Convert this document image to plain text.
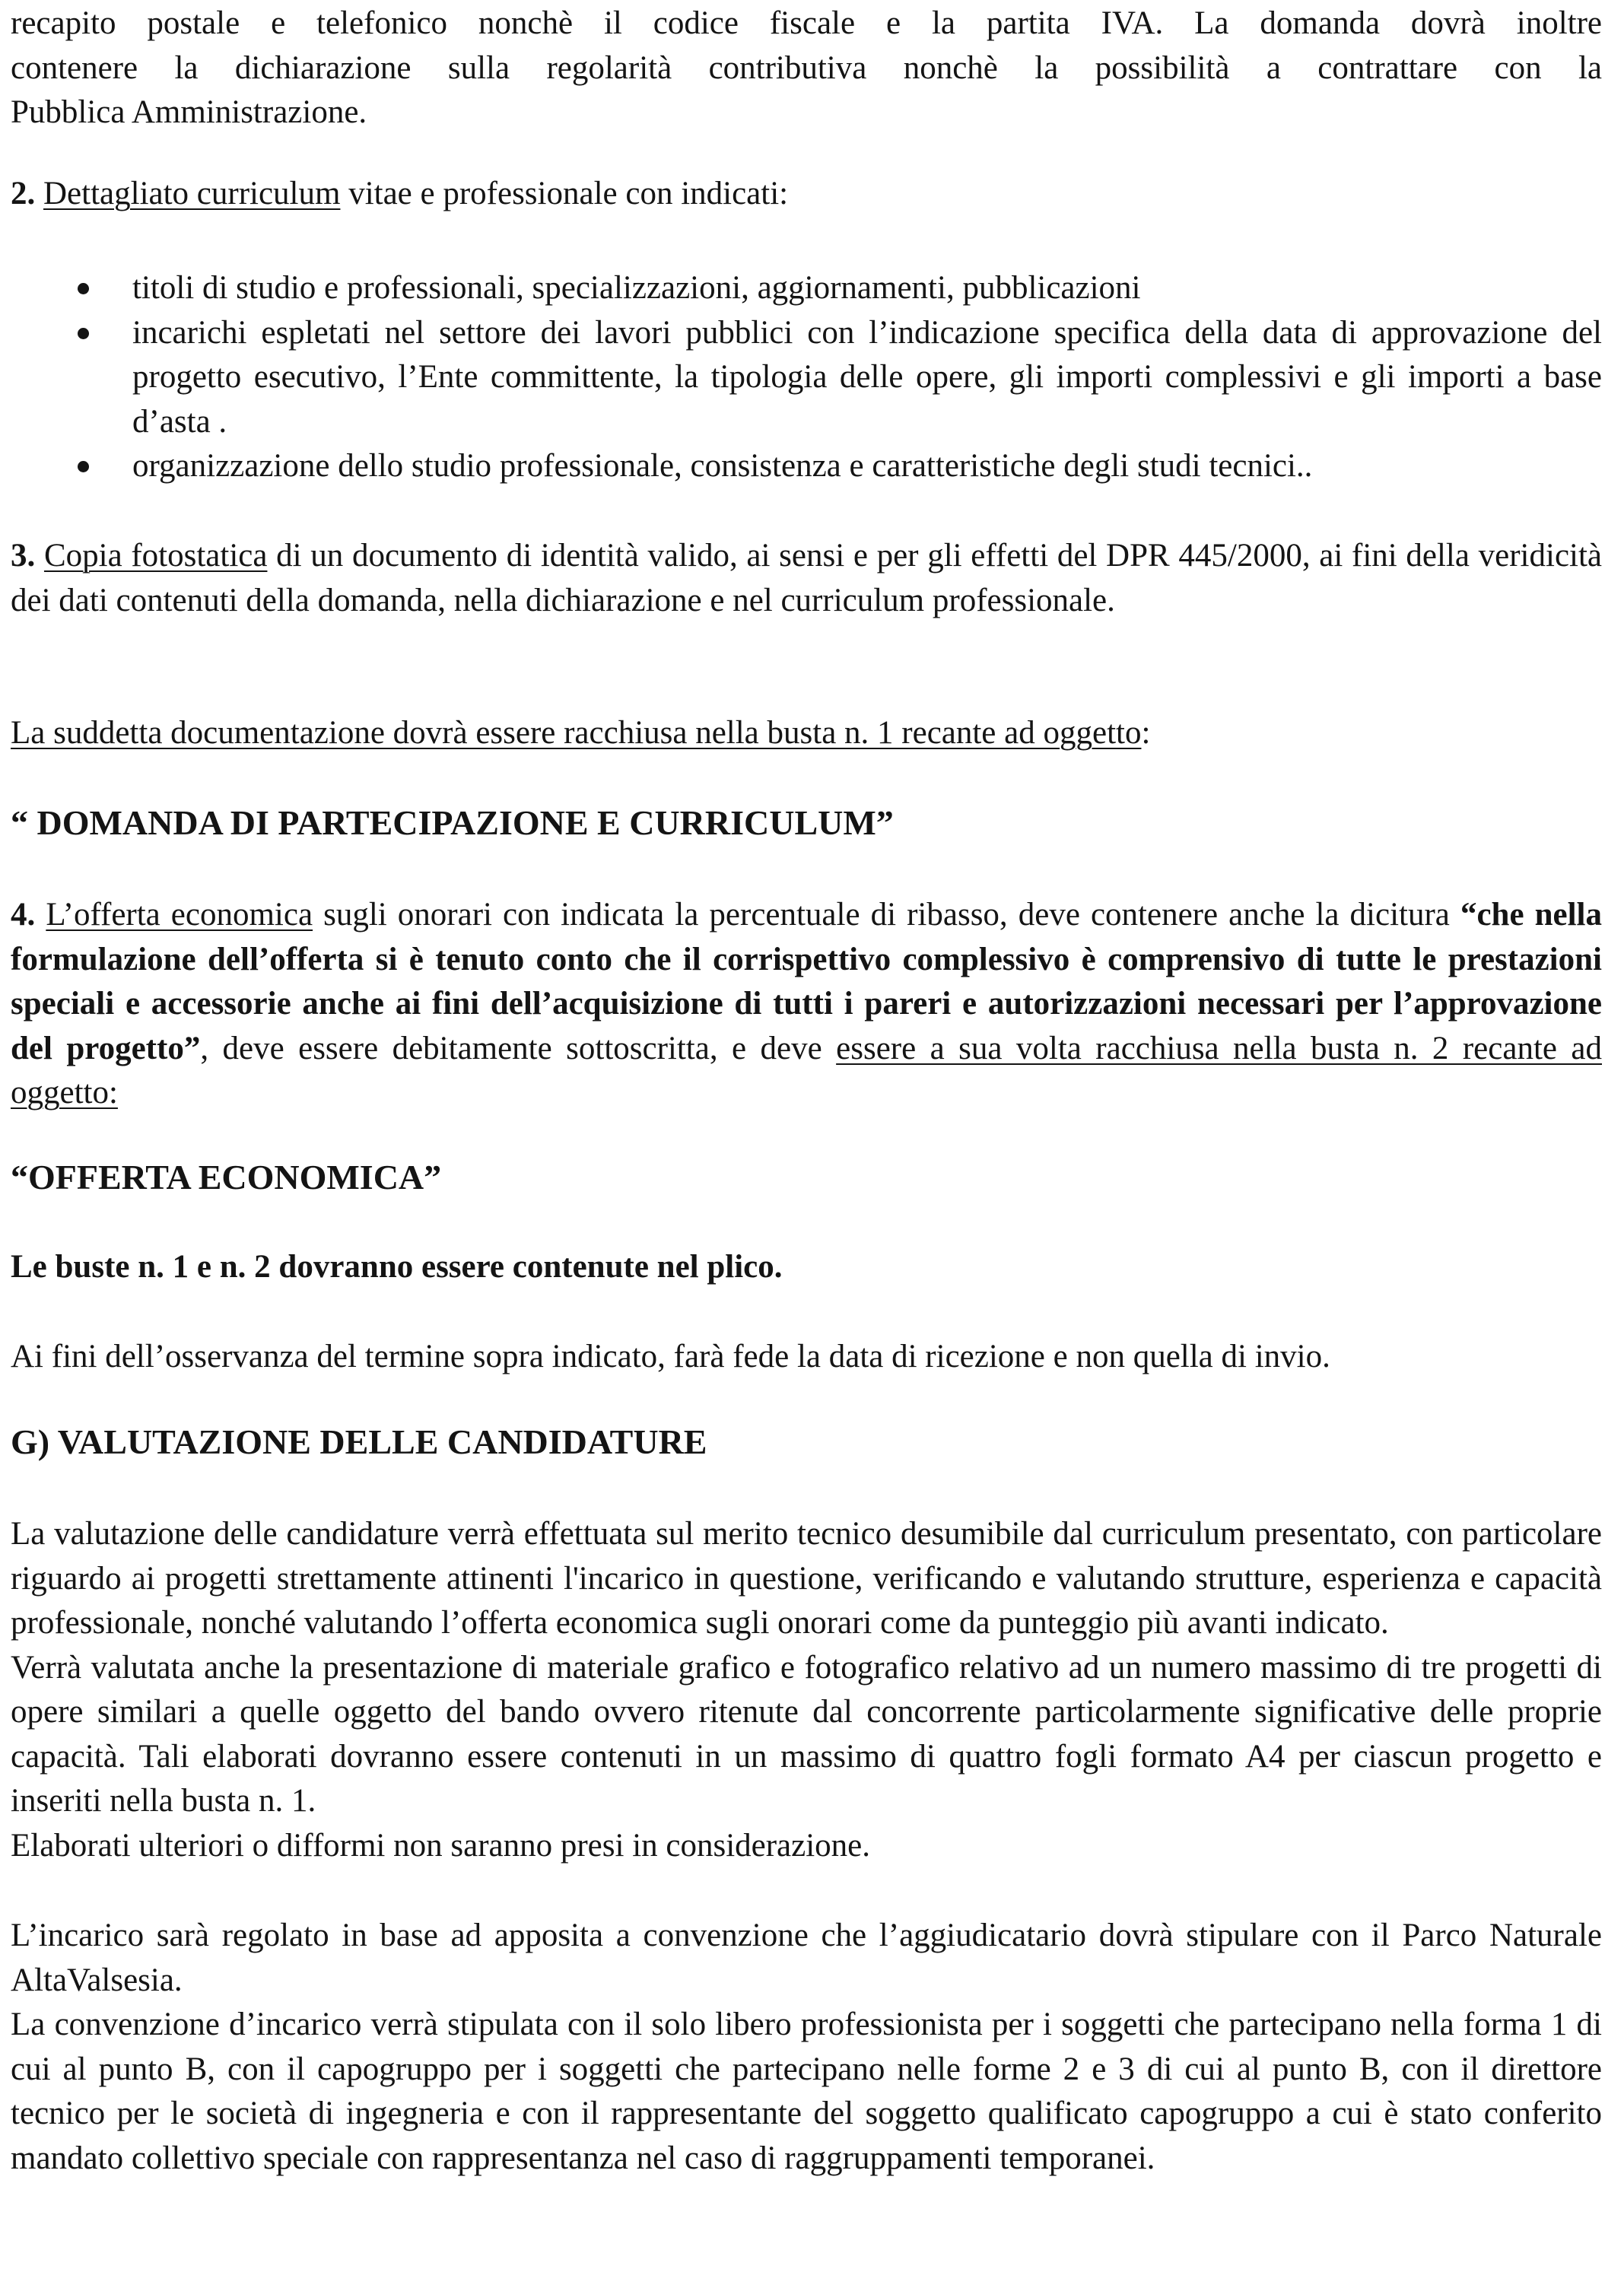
recapito postale e telefonico nonchè il codice fiscale e la partita IVA. La domanda dovrà inoltre
contenere la dichiarazione sulla regolarità contributiva nonchè la possibilità a contrattare con la
Pubblica Amministrazione.
2. Dettagliato curriculum vitae e professionale con indicati:
titoli di studio e professionali, specializzazioni, aggiornamenti, pubblicazioni
incarichi espletati nel settore dei lavori pubblici con l’indicazione specifica della data di approvazione del progetto esecutivo, l’Ente committente, la tipologia delle opere, gli importi complessivi e gli importi a base d’asta .
organizzazione dello studio professionale, consistenza e caratteristiche degli studi tecnici..
3. Copia fotostatica di un documento di identità valido, ai sensi e per gli effetti del DPR 445/2000, ai fini della veridicità dei dati contenuti della domanda, nella dichiarazione e nel curriculum professionale.
La suddetta documentazione dovrà essere racchiusa nella busta n. 1 recante ad oggetto:
“ DOMANDA DI PARTECIPAZIONE E CURRICULUM”
4. L’offerta economica sugli onorari con indicata la percentuale di ribasso, deve contenere anche la dicitura “che nella formulazione dell’offerta si è tenuto conto che il corrispettivo complessivo è comprensivo di tutte le prestazioni speciali e accessorie anche ai fini dell’acquisizione di tutti i pareri e autorizzazioni necessari per l’approvazione del progetto”, deve essere debitamente sottoscritta, e deve essere a sua volta racchiusa nella busta n. 2 recante ad oggetto:
“OFFERTA ECONOMICA”
Le buste n. 1 e n. 2 dovranno essere contenute nel plico.
Ai fini dell’osservanza del termine sopra indicato, farà fede la data di ricezione e non quella di invio.
G) VALUTAZIONE DELLE CANDIDATURE
La valutazione delle candidature verrà effettuata sul merito tecnico desumibile dal curriculum presentato, con particolare riguardo ai progetti strettamente attinenti l'incarico in questione, verificando e valutando strutture, esperienza e capacità professionale, nonché valutando l’offerta economica sugli onorari come da punteggio più avanti indicato.
Verrà valutata anche la presentazione di materiale grafico e fotografico relativo ad un numero massimo di tre progetti di opere similari a quelle oggetto del bando ovvero ritenute dal concorrente particolarmente significative delle proprie capacità. Tali elaborati dovranno essere contenuti in un massimo di quattro fogli formato A4 per ciascun progetto e inseriti nella busta n. 1.
Elaborati ulteriori o difformi non saranno presi in considerazione.
L’incarico sarà regolato in base ad apposita a convenzione che l’aggiudicatario dovrà stipulare con il Parco Naturale AltaValsesia.
La convenzione d’incarico verrà stipulata con il solo libero professionista per i soggetti che partecipano nella forma 1 di cui al punto B, con il capogruppo per i soggetti che partecipano nelle forme 2 e 3 di cui al punto B, con il direttore tecnico per le società di ingegneria e con il rappresentante del soggetto qualificato capogruppo a cui è stato conferito mandato collettivo speciale con rappresentanza nel caso di raggruppamenti temporanei.
